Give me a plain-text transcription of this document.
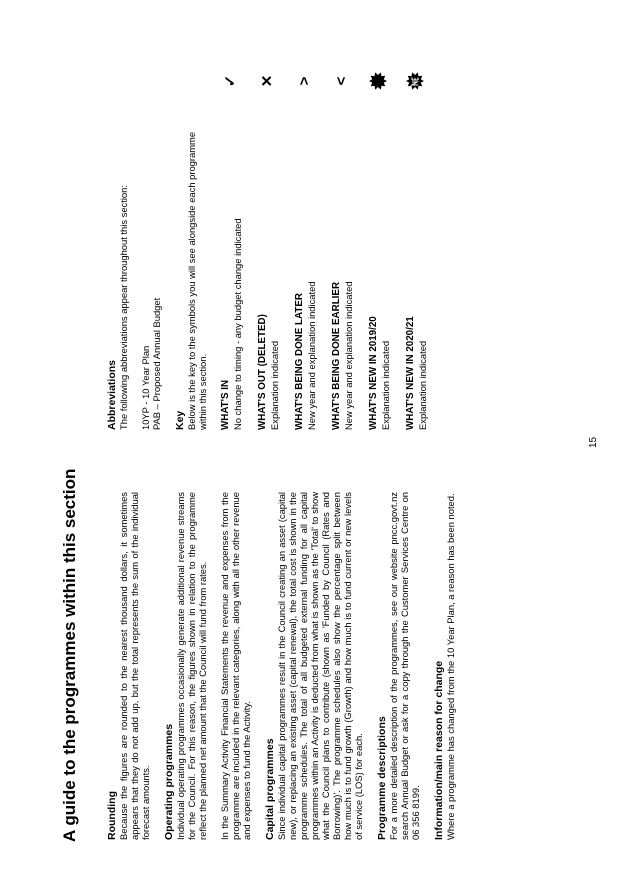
A guide to the programmes within this section	Rounding Because the figures are rounded to the nearest thousand dollars, it sometimes appears that they do not add up, but the total represents the sum of the individual forecast amounts. Operating programmes Individual operating programmes occasionally generate additional revenue streams for the Council. For this reason, the figures shown in relation to the programme reflect the planned net amount that the Council will fund from rates. In the Summary Activity Financial Statements the revenue and expenses from the programme are included in the relevant categories, along with all the other revenue and expenses to fund the Activity. Capital programmes Since individual capital programmes result in the Council creating an asset (capital new), or replacing an existing asset (capital renewal), the total cost is shown in the programme schedules. The total of all budgeted external funding for all capital programmes within an Activity is deducted from what is shown as the 'Total' to show what the Council plans to contribute (shown as 'Funded by Council (Rates and Borrowing)'. The programme schedules also show the percentage split between how much is to fund growth (Growth) and how much is to fund current or new levels of service (LOS) for each. Programme descriptions For a more detailed description of the programmes, see our website pncc.govt.nz search Annual Budget or ask for a copy through the Customer Services Centre on 06 356 8199. Information/main reason for change Where a programme has changed from the 10 Year Plan, a reason has been noted.

Abbreviations The following abbreviations appear throughout this section: 10YP - 10 Year Plan PAB – Proposed Annual Budget Key Below is the key to the symbols you will see alongside each programme within this section. WHAT'S IN No change to timing - any budget change indicated

✓

WHAT'S OUT (DELETED) Explanation indicated

✕

WHAT'S BEING DONE LATER New year and explanation indicated

>

WHAT'S BEING DONE EARLIER New year and explanation indicated

<

WHAT'S NEW IN 2019/20 Explanation indicated WHAT'S NEW IN 2020/21 Explanation indicated

15
